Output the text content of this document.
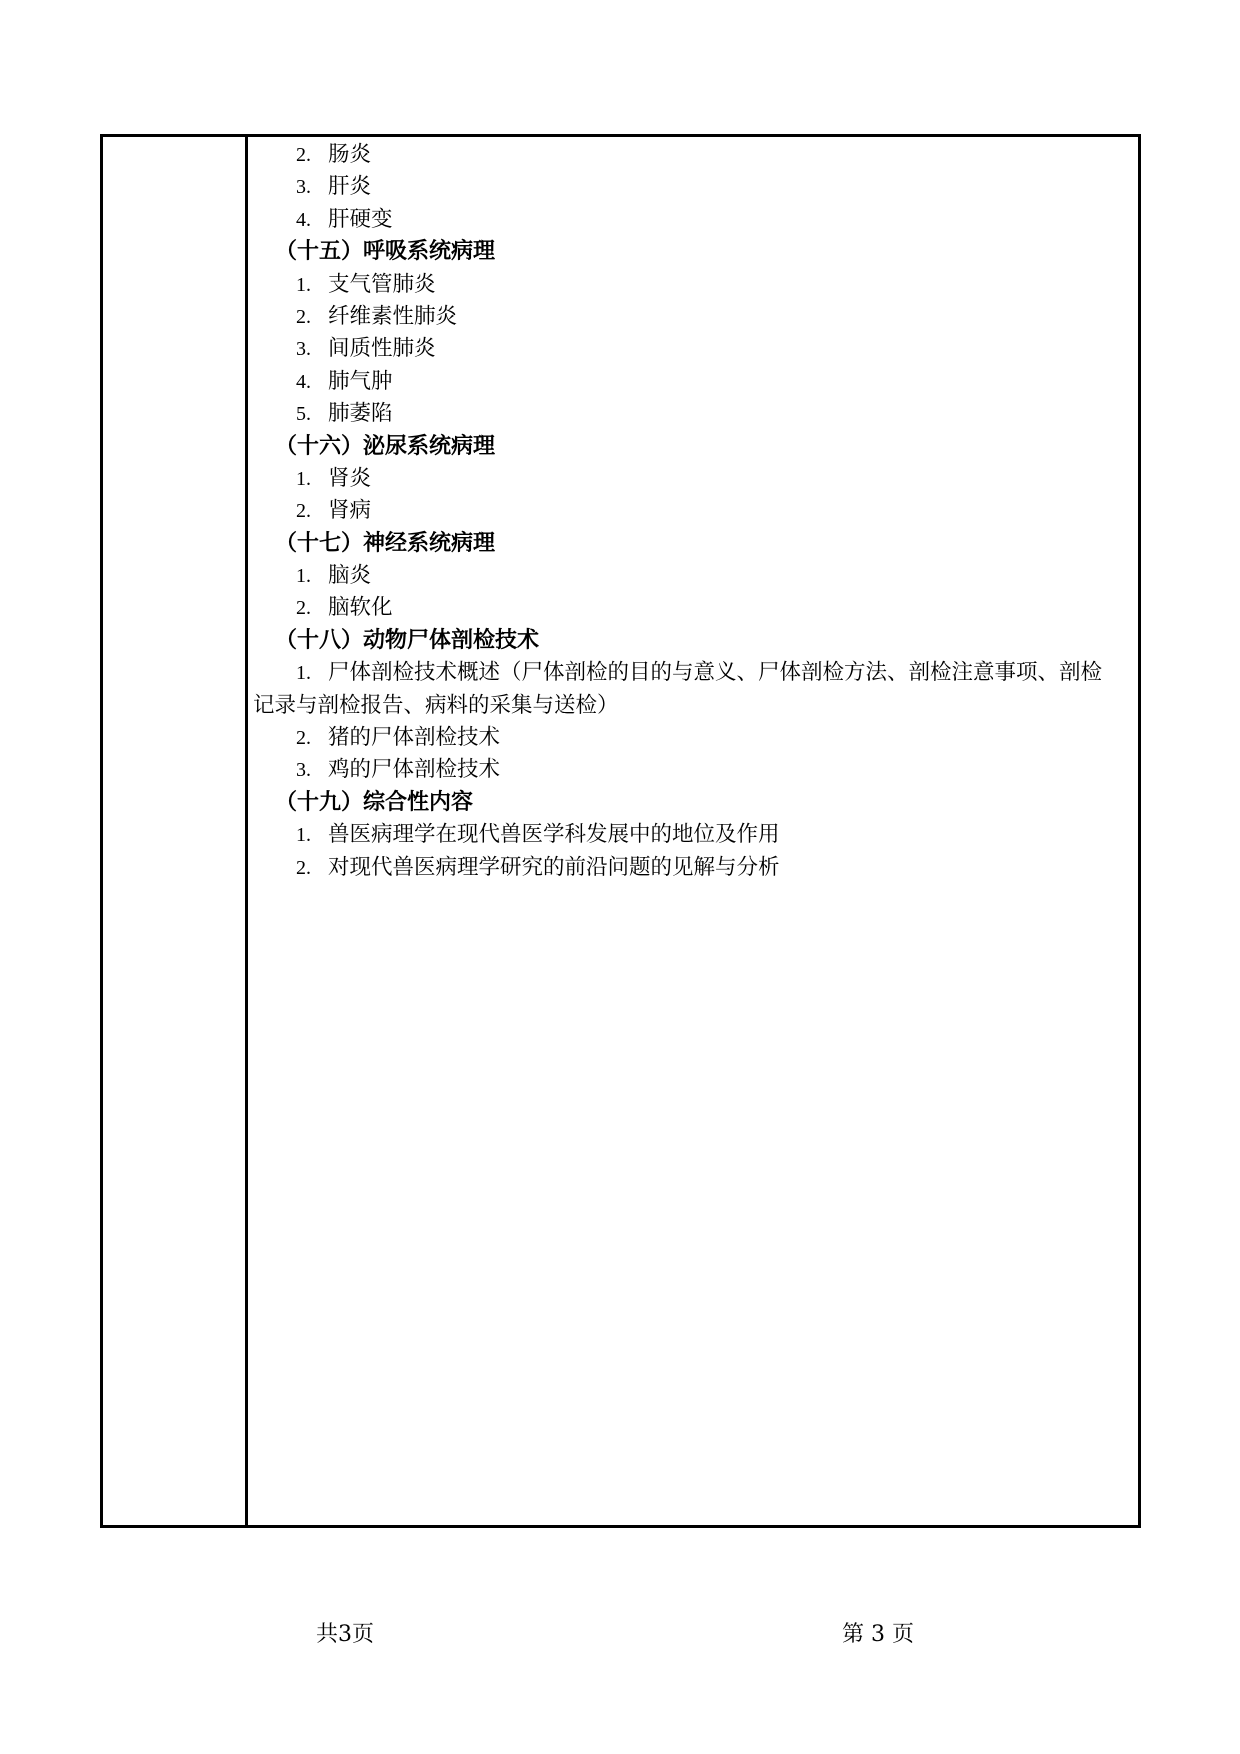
2. 肠炎
3. 肝炎
4. 肝硬变
（十五）呼吸系统病理
1. 支气管肺炎
2. 纤维素性肺炎
3. 间质性肺炎
4. 肺气肿
5. 肺萎陷
（十六）泌尿系统病理
1. 肾炎
2. 肾病
（十七）神经系统病理
1. 脑炎
2. 脑软化
（十八）动物尸体剖检技术
1. 尸体剖检技术概述（尸体剖检的目的与意义、尸体剖检方法、剖检注意事项、剖检
记录与剖检报告、病料的采集与送检）
2. 猪的尸体剖检技术
3. 鸡的尸体剖检技术
（十九）综合性内容
1. 兽医病理学在现代兽医学科发展中的地位及作用
2. 对现代兽医病理学研究的前沿问题的见解与分析
共3页	第 3 页
